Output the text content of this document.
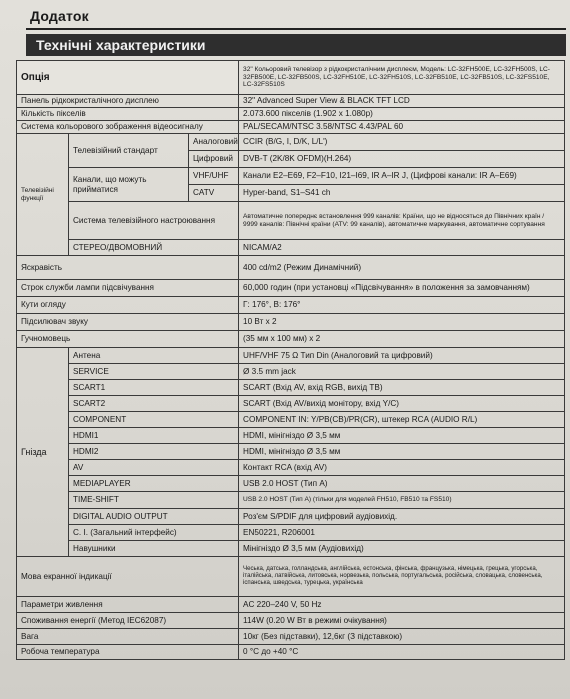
Додаток
Технічні характеристики
Опція			32" Кольоровий телевізор з рідкокристалічним дисплеєм, Модель: LC-32FH500E, LC-32FH500S, LC-32FB500E, LC-32FB500S, LC-32FH510E, LC-32FH510S, LC-32FB510E, LC-32FB510S, LC-32FS510E, LC-32FS510S
Панель рідкокристалічного дисплею			32" Advanced Super View & BLACK TFT LCD
Кількість пікселів			2.073.600 пікселів (1.902 x 1.080p)
Система кольорового зображення відеосигналу			PAL/SECAM/NTSC 3.58/NTSC 4.43/PAL 60
Телевізійні функції	Телевізійний стандарт	Аналоговий	CCIR (B/G, I, D/K, L/L')
		Цифровий	DVB-T (2K/8K OFDM)(H.264)
	Канали, що можуть прийматися	VHF/UHF	Канали E2–E69, F2–F10, I21–I69, IR A–IR J, (Цифрові канали: IR A–E69)
		CATV	Hyper-band, S1–S41 ch
	Система телевізійного настроювання		Автоматичне попереднє встановлення 999 каналів: Країни, що не відносяться до Північних країн / 9999 каналів: Північні країни (ATV: 99 каналів), автоматичне маркування, автоматичне сортування
	СТЕРЕО/ДВОМОВНИЙ		NICAM/A2
Яскравість			400 cd/m2 (Режим Динамічний)
Строк служби лампи підсвічування			60,000 годин (при установці «Підсвічування» в положення за замовчанням)
Кути огляду			Г: 176°, В: 176°
Підсилювач звуку			10 Вт x 2
Гучномовець			(35 мм x 100 мм) x 2
Гнізда	Антена		UHF/VHF 75 Ω Тип Din (Аналоговий та цифровий)
	SERVICE		Ø 3.5 mm jack
	SCART1		SCART (Вхід AV, вхід RGB, вихід ТВ)
	SCART2		SCART (Вхід AV/вихід монітору, вхід Y/C)
	COMPONENT		COMPONENT IN: Y/PB(CB)/PR(CR), штекер RCA (AUDIO R/L)
	HDMI1		HDMI, мінігніздо Ø 3,5 мм
	HDMI2		HDMI, мінігніздо Ø 3,5 мм
	AV		Контакт RCA (вхід AV)
	MEDIAPLAYER		USB 2.0 HOST (Тип A)
	TIME-SHIFT		USB 2.0 HOST (Тип A) (тільки для моделей FH510, FB510 та FS510)
	DIGITAL AUDIO OUTPUT		Роз'єм S/PDIF для цифровий аудіовихід.
	С. І. (Загальний інтерфейс)		EN50221, R206001
	Навушники		Мінігніздо Ø 3,5 мм (Аудіовихід)
Мова екранної індикації			Чеська, датська, голландська, англійська, естонська, фінська, французька, німецька, грецька, угорська, італійська, латвійська, литовська, норвезька, польська, португальська, російська, словацька, словенська, іспанська, шведська, турецька, українська
Параметри живлення			AC 220–240 V, 50 Hz
Споживання енергії (Метод IEC62087)			114W (0.20 W Вт в режимі очікування)
Вага			10кг (Без підставки), 12,6кг (З підставкою)
Робоча температура			0 °C до +40 °C
